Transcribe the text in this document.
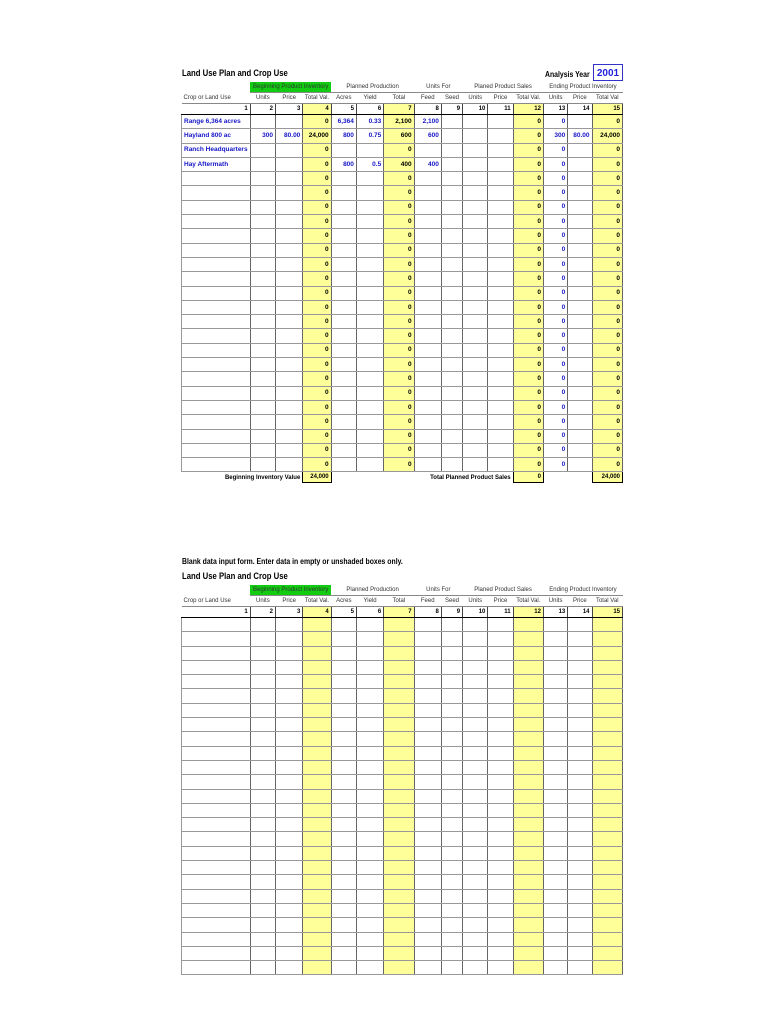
Land Use Plan and Crop Use	Analysis Year 2001
	Beginning Product Inventory			Planned Production			Units For		Planed Product Sales			Ending Product Inventory		
Crop or Land Use	Units	Price	Total Val.	Acres	Yield	Total	Feed	Seed	Units	Price	Total Val.	Units	Price	Total Val
1	2	3	4	5	6	7	8	9	10	11	12	13	14	15
Range 6,364 acres			0	6,364	0.33	2,100	2,100				0	0		0
Hayland 800 ac	300	80.00	24,000	800	0.75	600	600				0	300	80.00	24,000
Ranch Headquarters			0			0					0	0		0
Hay Aftermath			0	800	0.5	400	400				0	0		0
			0			0					0	0		0
			0			0					0	0		0
			0			0					0	0		0
			0			0					0	0		0
			0			0					0	0		0
			0			0					0	0		0
			0			0					0	0		0
			0			0					0	0		0
			0			0					0	0		0
			0			0					0	0		0
			0			0					0	0		0
			0			0					0	0		0
			0			0					0	0		0
			0			0					0	0		0
			0			0					0	0		0
			0			0					0	0		0
			0			0					0	0		0
			0			0					0	0		0
			0			0					0	0		0
			0			0					0	0		0
			0			0					0	0		0
Beginning Inventory Value			24,000	Total Planned Product Sales							0			24,000
Blank data input form. Enter data in empty or unshaded boxes only.
Land Use Plan and Crop Use
	Beginning Product Inventory			Planned Production			Units For		Planed Product Sales			Ending Product Inventory		
Crop or Land Use	Units	Price	Total Val.	Acres	Yield	Total	Feed	Seed	Units	Price	Total Val.	Units	Price	Total Val
1	2	3	4	5	6	7	8	9	10	11	12	13	14	15
